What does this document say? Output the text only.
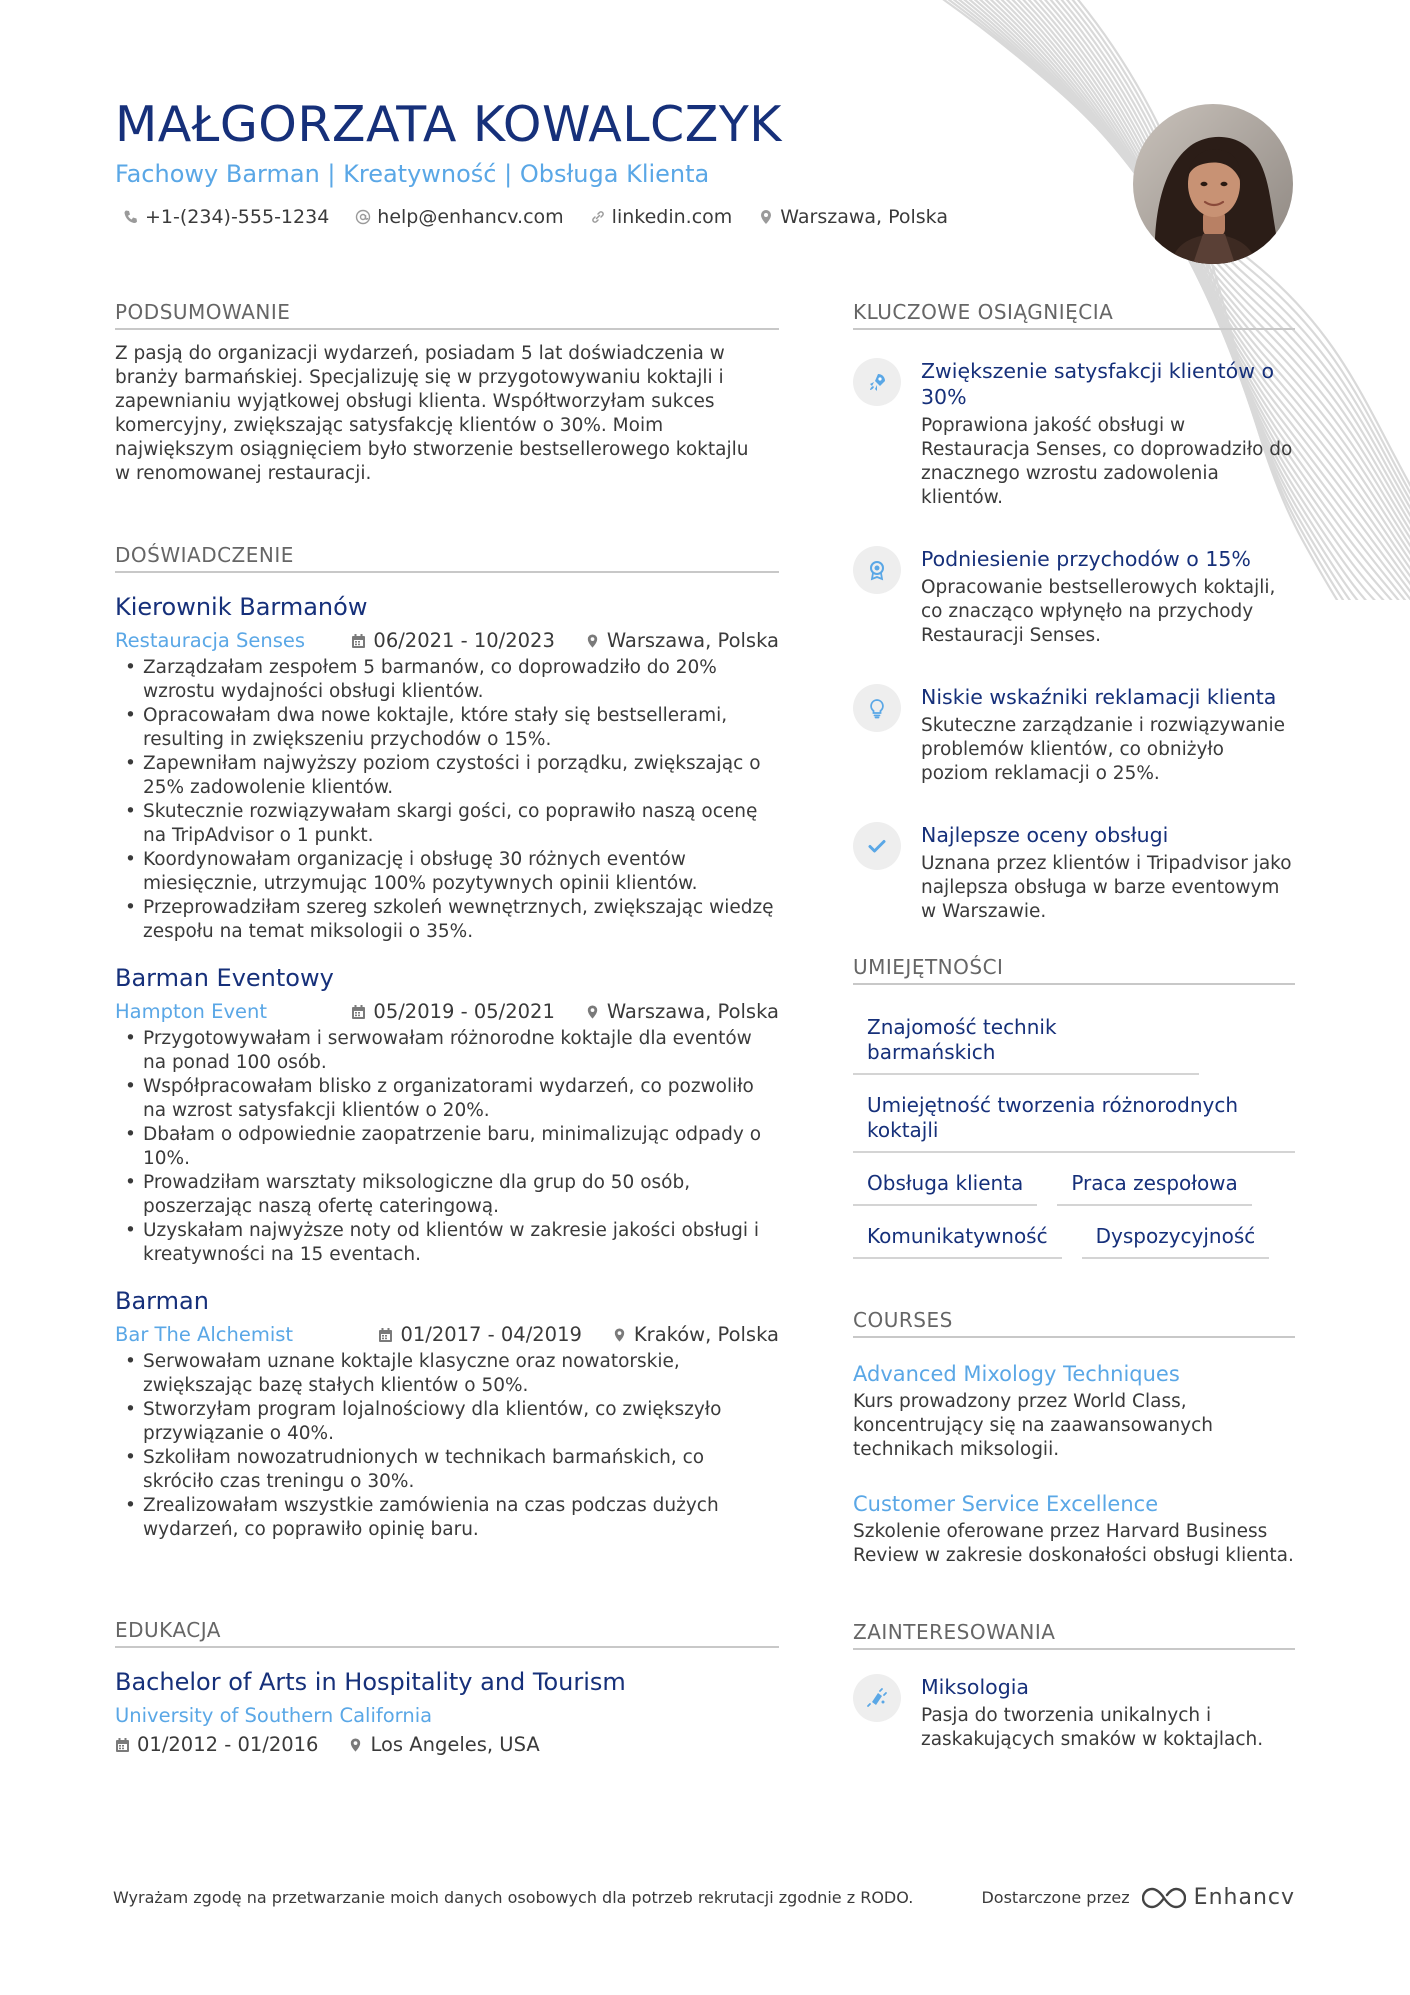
MAŁGORZATA KOWALCZYK
Fachowy Barman | Kreatywność | Obsługa Klienta
+1-(234)-555-1234	help@enhancv.com	linkedin.com	Warszawa, Polska
PODSUMOWANIE

Z pasją do organizacji wydarzeń, posiadam 5 lat doświadczenia w branży barmańskiej. Specjalizuję się w przygotowywaniu koktajli i zapewnianiu wyjątkowej obsługi klienta. Współtworzyłam sukces komercyjny, zwiększając satysfakcję klientów o 30%. Moim największym osiągnięciem było stworzenie bestsellerowego koktajlu w renomowanej restauracji.

DOŚWIADCZENIE
Kierownik Barmanów
Restauracja Senses	06/2021 - 10/2023	Warszawa, Polska
• Zarządzałam zespołem 5 barmanów, co doprowadziło do 20% wzrostu wydajności obsługi klientów.
• Opracowałam dwa nowe koktajle, które stały się bestsellerami, resulting in zwiększeniu przychodów o 15%.
• Zapewniłam najwyższy poziom czystości i porządku, zwiększając o 25% zadowolenie klientów.
• Skutecznie rozwiązywałam skargi gości, co poprawiło naszą ocenę na TripAdvisor o 1 punkt.
• Koordynowałam organizację i obsługę 30 różnych eventów miesięcznie, utrzymując 100% pozytywnych opinii klientów.
• Przeprowadziłam szereg szkoleń wewnętrznych, zwiększając wiedzę zespołu na temat miksologii o 35%.
Barman Eventowy
Hampton Event	05/2019 - 05/2021	Warszawa, Polska
• Przygotowywałam i serwowałam różnorodne koktajle dla eventów na ponad 100 osób.
• Współpracowałam blisko z organizatorami wydarzeń, co pozwoliło na wzrost satysfakcji klientów o 20%.
• Dbałam o odpowiednie zaopatrzenie baru, minimalizując odpady o 10%.
• Prowadziłam warsztaty miksologiczne dla grup do 50 osób, poszerzając naszą ofertę cateringową.
• Uzyskałam najwyższe noty od klientów w zakresie jakości obsługi i kreatywności na 15 eventach.
Barman
Bar The Alchemist	01/2017 - 04/2019	Kraków, Polska
• Serwowałam uznane koktajle klasyczne oraz nowatorskie, zwiększając bazę stałych klientów o 50%.
• Stworzyłam program lojalnościowy dla klientów, co zwiększyło przywiązanie o 40%.
• Szkoliłam nowozatrudnionych w technikach barmańskich, co skróciło czas treningu o 30%.
• Zrealizowałam wszystkie zamówienia na czas podczas dużych wydarzeń, co poprawiło opinię baru.
EDUKACJA
Bachelor of Arts in Hospitality and Tourism
University of Southern California
01/2012 - 01/2016	Los Angeles, USA
KLUCZOWE OSIĄGNIĘCIA
Zwiększenie satysfakcji klientów o 30%
Poprawiona jakość obsługi w Restauracja Senses, co doprowadziło do znacznego wzrostu zadowolenia klientów.
Podniesienie przychodów o 15%
Opracowanie bestsellerowych koktajli, co znacząco wpłynęło na przychody Restauracji Senses.
Niskie wskaźniki reklamacji klienta
Skuteczne zarządzanie i rozwiązywanie problemów klientów, co obniżyło poziom reklamacji o 25%.
Najlepsze oceny obsługi
Uznana przez klientów i Tripadvisor jako najlepsza obsługa w barze eventowym w Warszawie.
UMIEJĘTNOŚCI
Znajomość technik barmańskich
Umiejętność tworzenia różnorodnych koktajli
Obsługa klienta	Praca zespołowa
Komunikatywność	Dyspozycyjność
COURSES
Advanced Mixology Techniques
Kurs prowadzony przez World Class, koncentrujący się na zaawansowanych technikach miksologii.
Customer Service Excellence
Szkolenie oferowane przez Harvard Business Review w zakresie doskonałości obsługi klienta.
ZAINTERESOWANIA
Miksologia
Pasja do tworzenia unikalnych i zaskakujących smaków w koktajlach.
Wyrażam zgodę na przetwarzanie moich danych osobowych dla potrzeb rekrutacji zgodnie z RODO.	Dostarczone przez	Enhancv
